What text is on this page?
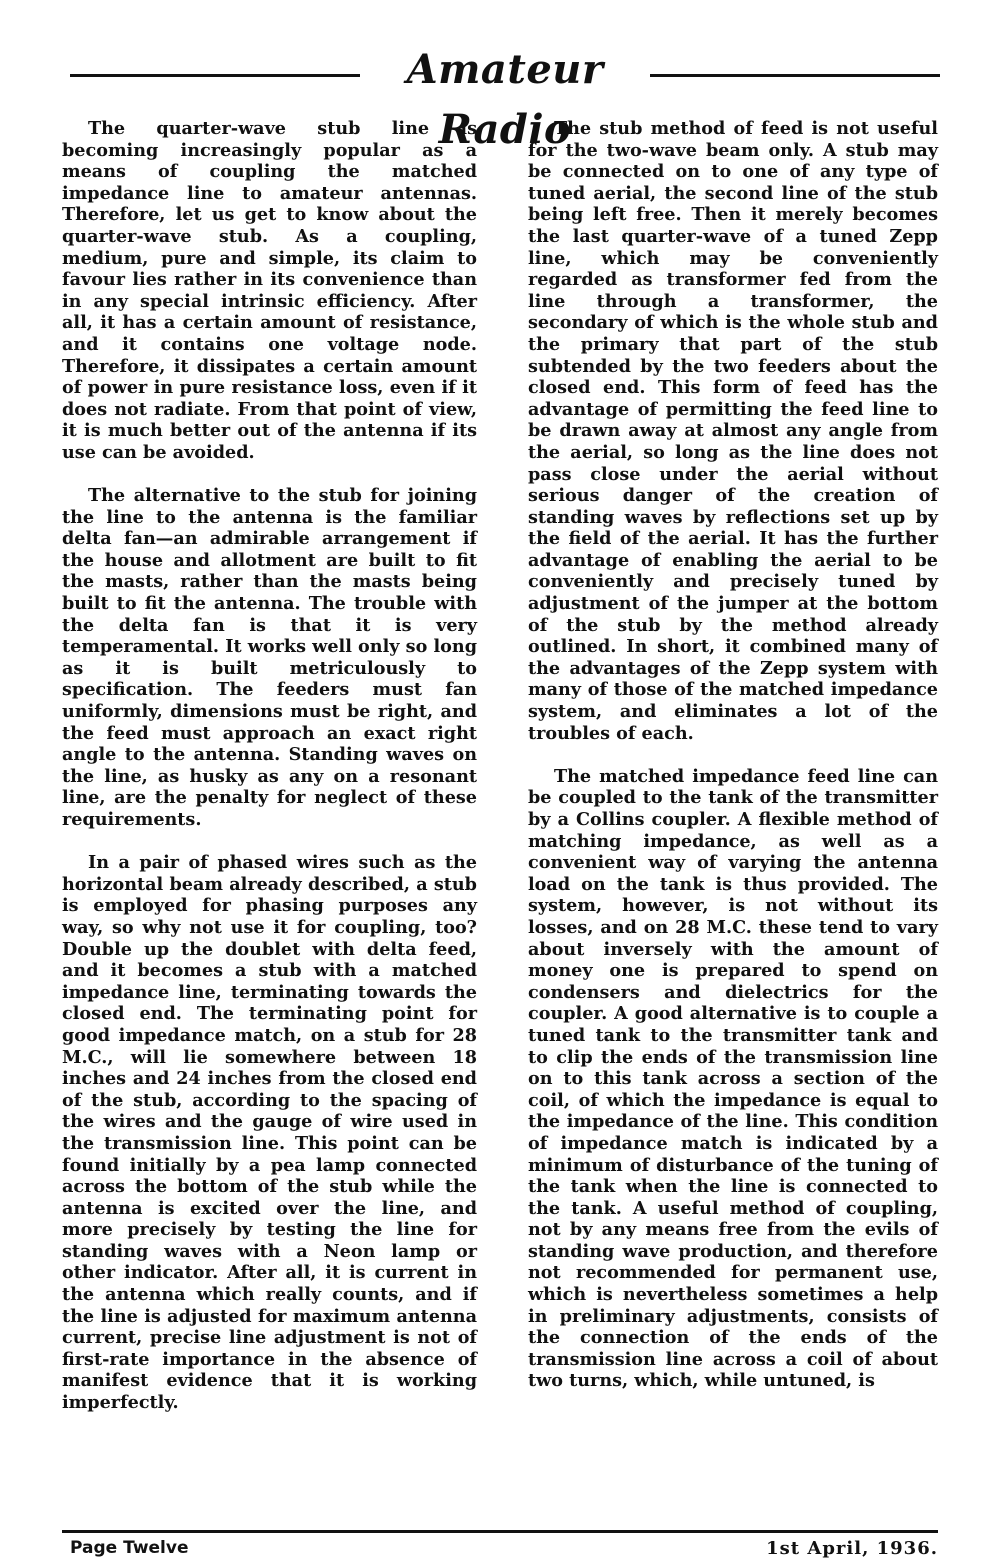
Amateur Radio

The quarter-wave stub line is becoming increasingly popular as a means of coupling the matched impedance line to amateur antennas. Therefore, let us get to know about the quarter-wave stub. As a coupling, medium, pure and simple, its claim to favour lies rather in its convenience than in any special intrinsic efficiency. After all, it has a certain amount of resistance, and it contains one voltage node. Therefore, it dissipates a certain amount of power in pure resistance loss, even if it does not radiate. From that point of view, it is much better out of the antenna if its use can be avoided.

The alternative to the stub for joining the line to the antenna is the familiar delta fan—an admirable arrangement if the house and allotment are built to fit the masts, rather than the masts being built to fit the antenna. The trouble with the delta fan is that it is very temperamental. It works well only so long as it is built metriculously to specification. The feeders must fan uniformly, dimensions must be right, and the feed must approach an exact right angle to the antenna. Standing waves on the line, as husky as any on a resonant line, are the penalty for neglect of these requirements.

In a pair of phased wires such as the horizontal beam already described, a stub is employed for phasing purposes any way, so why not use it for coupling, too? Double up the doublet with delta feed, and it becomes a stub with a matched impedance line, terminating towards the closed end. The terminating point for good impedance match, on a stub for 28 M.C., will lie somewhere between 18 inches and 24 inches from the closed end of the stub, according to the spacing of the wires and the gauge of wire used in the transmission line. This point can be found initially by a pea lamp connected across the bottom of the stub while the antenna is excited over the line, and more precisely by testing the line for standing waves with a Neon lamp or other indicator. After all, it is current in the antenna which really counts, and if the line is adjusted for maximum antenna current, precise line adjustment is not of first-rate importance in the absence of manifest evidence that it is working imperfectly.

The stub method of feed is not useful for the two-wave beam only. A stub may be connected on to one of any type of tuned aerial, the second line of the stub being left free. Then it merely becomes the last quarter-wave of a tuned Zepp line, which may be conveniently regarded as transformer fed from the line through a transformer, the secondary of which is the whole stub and the primary that part of the stub subtended by the two feeders about the closed end. This form of feed has the advantage of permitting the feed line to be drawn away at almost any angle from the aerial, so long as the line does not pass close under the aerial without serious danger of the creation of standing waves by reflections set up by the field of the aerial. It has the further advantage of enabling the aerial to be conveniently and precisely tuned by adjustment of the jumper at the bottom of the stub by the method already outlined. In short, it combined many of the advantages of the Zepp system with many of those of the matched impedance system, and eliminates a lot of the troubles of each.

The matched impedance feed line can be coupled to the tank of the transmitter by a Collins coupler. A flexible method of matching impedance, as well as a convenient way of varying the antenna load on the tank is thus provided. The system, however, is not without its losses, and on 28 M.C. these tend to vary about inversely with the amount of money one is prepared to spend on condensers and dielectrics for the coupler. A good alternative is to couple a tuned tank to the transmitter tank and to clip the ends of the transmission line on to this tank across a section of the coil, of which the impedance is equal to the impedance of the line. This condition of impedance match is indicated by a minimum of disturbance of the tuning of the tank when the line is connected to the tank. A useful method of coupling, not by any means free from the evils of standing wave production, and therefore not recommended for permanent use, which is nevertheless sometimes a help in preliminary adjustments, consists of the connection of the ends of the transmission line across a coil of about two turns, which, while untuned, is

Page Twelve	1st April, 1936.
